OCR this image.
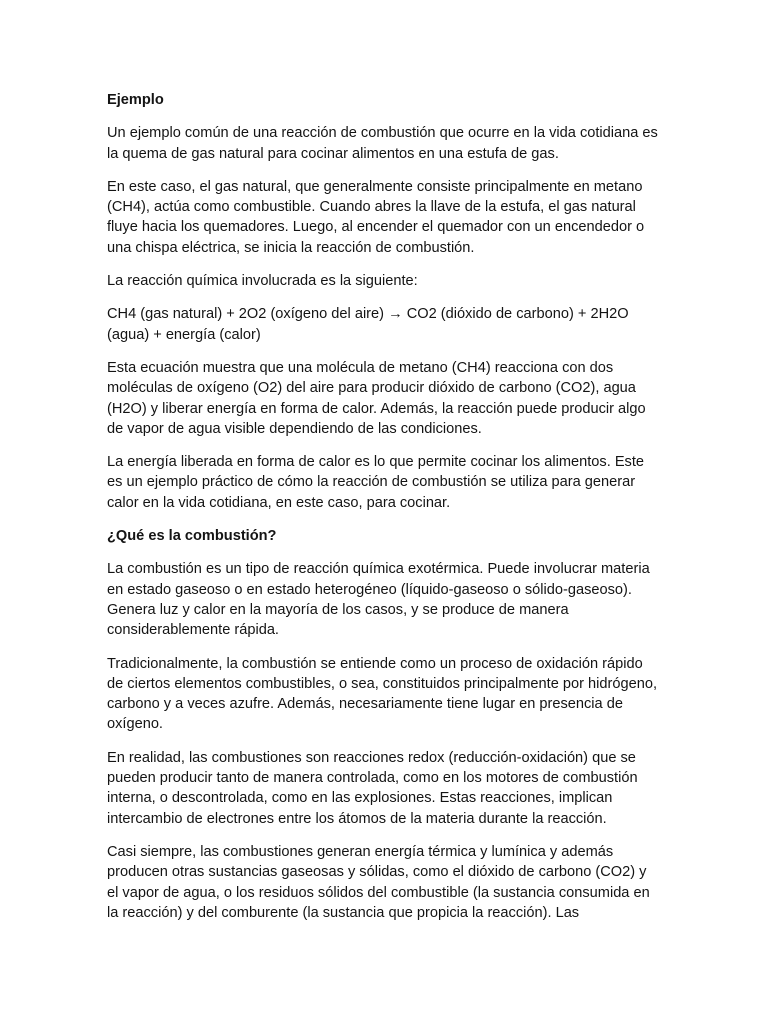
Ejemplo
Un ejemplo común de una reacción de combustión que ocurre en la vida cotidiana es la quema de gas natural para cocinar alimentos en una estufa de gas.
En este caso, el gas natural, que generalmente consiste principalmente en metano (CH4), actúa como combustible. Cuando abres la llave de la estufa, el gas natural fluye hacia los quemadores. Luego, al encender el quemador con un encendedor o una chispa eléctrica, se inicia la reacción de combustión.
La reacción química involucrada es la siguiente:
CH4 (gas natural) + 2O2 (oxígeno del aire) → CO2 (dióxido de carbono) + 2H2O (agua) + energía (calor)
Esta ecuación muestra que una molécula de metano (CH4) reacciona con dos moléculas de oxígeno (O2) del aire para producir dióxido de carbono (CO2), agua (H2O) y liberar energía en forma de calor. Además, la reacción puede producir algo de vapor de agua visible dependiendo de las condiciones.
La energía liberada en forma de calor es lo que permite cocinar los alimentos. Este es un ejemplo práctico de cómo la reacción de combustión se utiliza para generar calor en la vida cotidiana, en este caso, para cocinar.
¿Qué es la combustión?
La combustión es un tipo de reacción química exotérmica. Puede involucrar materia en estado gaseoso o en estado heterogéneo (líquido-gaseoso o sólido-gaseoso). Genera luz y calor en la mayoría de los casos, y se produce de manera considerablemente rápida.
Tradicionalmente, la combustión se entiende como un proceso de oxidación rápido de ciertos elementos combustibles, o sea, constituidos principalmente por hidrógeno, carbono y a veces azufre. Además, necesariamente tiene lugar en presencia de oxígeno.
En realidad, las combustiones son reacciones redox (reducción-oxidación) que se pueden producir tanto de manera controlada, como en los motores de combustión interna, o descontrolada, como en las explosiones. Estas reacciones, implican intercambio de electrones entre los átomos de la materia durante la reacción.
Casi siempre, las combustiones generan energía térmica y lumínica y además producen otras sustancias gaseosas y sólidas, como el dióxido de carbono (CO2) y el vapor de agua, o los residuos sólidos del combustible (la sustancia consumida en la reacción) y del comburente (la sustancia que propicia la reacción). Las
